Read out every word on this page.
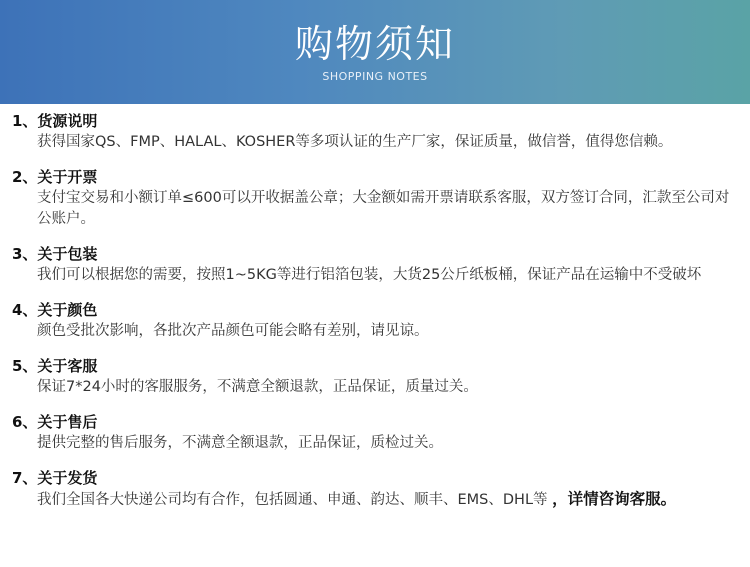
购物须知
SHOPPING NOTES
1、货源说明
获得国家QS、FMP、HALAL、KOSHER等多项认证的生产厂家，保证质量，做信誉，值得您信赖。
2、关于开票
支付宝交易和小额订单≤600可以开收据盖公章；大金额如需开票请联系客服，双方签订合同，汇款至公司对公账户。
3、关于包装
我们可以根据您的需要，按照1~5KG等进行铝箔包装，大货25公斤纸板桶，保证产品在运输中不受破坏
4、关于颜色
颜色受批次影响，各批次产品颜色可能会略有差别，请见谅。
5、关于客服
保证7*24小时的客服服务，不满意全额退款，正品保证，质量过关。
6、关于售后
提供完整的售后服务，不满意全额退款，正品保证，质检过关。
7、关于发货
我们全国各大快递公司均有合作，包括圆通、申通、韵达、顺丰、EMS、DHL等 ，详情咨询客服。
